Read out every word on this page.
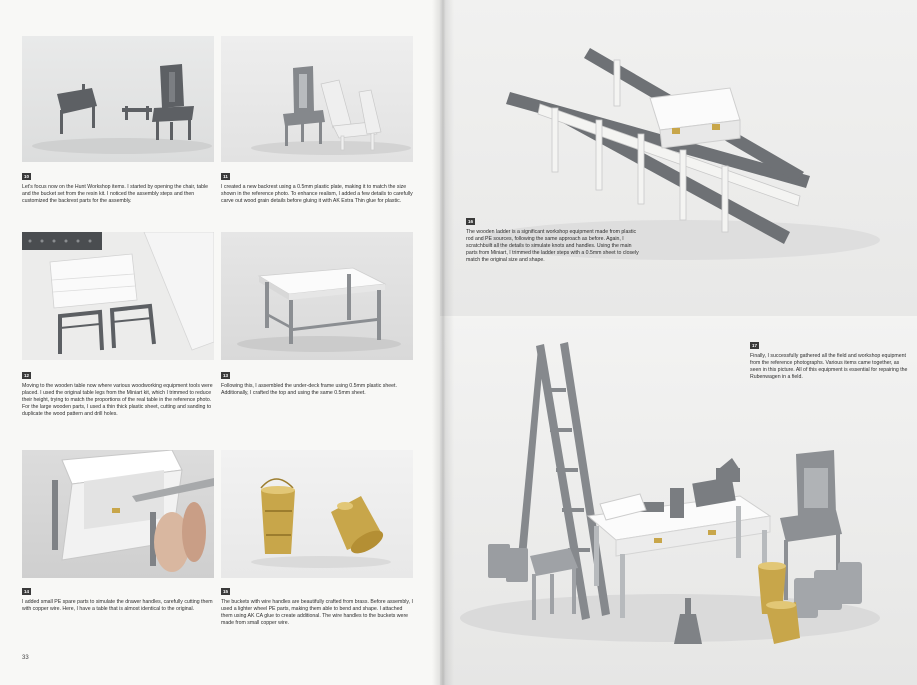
10
Let's focus now on the Hunt Workshop items. I started by opening the chair, table and the bucket set from the resin kit. I noticed the assembly steps and then customized the backrest parts for the assembly.
11
I created a new backrest using a 0.5mm plastic plate, making it to match the size shown in the reference photo. To enhance realism, I added a few details to carefully carve out wood grain details before gluing it with AK Extra Thin glue for plastic.
12
Moving to the wooden table now where various woodworking equipment tools were placed. I used the original table legs from the Miniart kit, which I trimmed to reduce their height, trying to match the proportions of the real table in the reference photo. For the large wooden parts, I used a thin thick plastic sheet, cutting and sanding to duplicate the wood pattern and drill holes.
13
Following this, I assembled the under-deck frame using 0.5mm plastic sheet. Additionally, I crafted the top and using the same 0.5mm sheet.
14
I added small PE spare parts to simulate the drawer handles, carefully cutting them with copper wire. Here, I have a table that is almost identical to the original.
15
The buckets with wire handles are beautifully crafted from brass. Before assembly, I used a lighter wheel PE parts, making them able to bend and shape. I attached them using AK CA glue to create additional. The wire handles to the buckets were made from small copper wire.
33
16
The wooden ladder is a significant workshop equipment made from plastic rod and PE sources, following the same approach as before. Again, I scratchbuilt all the details to simulate knots and handles. Using the main parts from Miniart, I trimmed the ladder steps with a 0.5mm sheet to closely match the original size and shape.
17
Finally, I successfully gathered all the field and workshop equipment from the reference photographs. Various items came together, as seen in this picture. All of this equipment is essential for repairing the Rubenwagen in a field.
